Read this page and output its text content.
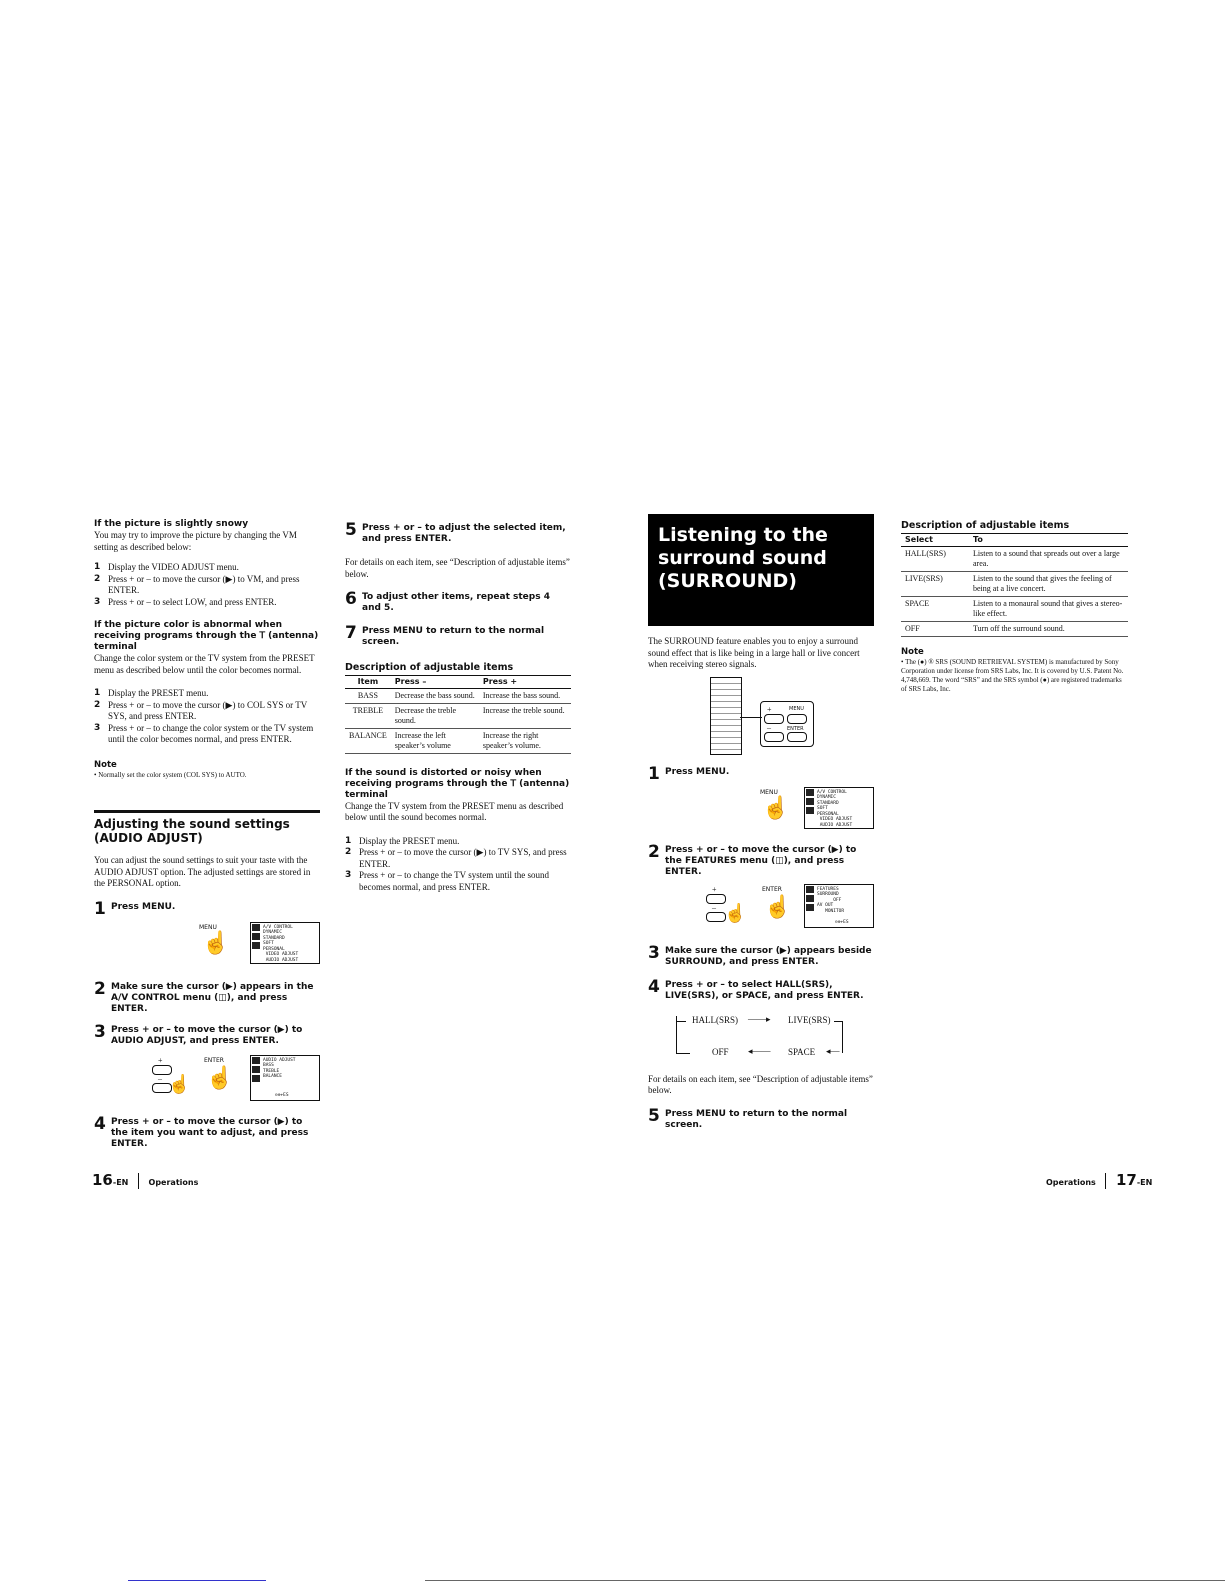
If the picture is slightly snowy

You may try to improve the picture by changing the VM setting as described below:

1 Display the VIDEO ADJUST menu.
2 Press + or – to move the cursor (▶) to VM, and press ENTER.
3 Press + or – to select LOW, and press ENTER.

If the picture color is abnormal when receiving programs through the 𝖳 (antenna) terminal

Change the color system or the TV system from the PRESET menu as described below until the color becomes normal.

1 Display the PRESET menu.
2 Press + or – to move the cursor (▶) to COL SYS or TV SYS, and press ENTER.
3 Press + or – to change the color system or the TV system until the color becomes normal, and press ENTER.
Note
• Normally set the color system (COL SYS) to AUTO.
Adjusting the sound settings
(AUDIO ADJUST)

You can adjust the sound settings to suit your taste with the AUDIO ADJUST option. The adjusted settings are stored in the PERSONAL option.

1 Press MENU.
MENU
☝
A/V CONTROL
DYNAMIC
STANDARD
SOFT
PERSONAL
VIDEO ADJUST
AUDIO ADJUST
2 Make sure the cursor (▶) appears in the A/V CONTROL menu (◫), and press ENTER.
3 Press + or – to move the cursor (▶) to AUDIO ADJUST, and press ENTER.
+
– ☝
ENTER
☝
AUDIO ADJUST
BASS
TREBLE
BALANCE
⊖⊕+ES
4 Press + or – to move the cursor (▶) to the item you want to adjust, and press ENTER.
5 Press + or – to adjust the selected item, and press ENTER.

For details on each item, see “Description of adjustable items” below.

6 To adjust other items, repeat steps 4 and 5.
7 Press MENU to return to the normal screen.
Description of adjustable items
Item	Press –	Press +
BASS	Decrease the bass sound.	Increase the bass sound.
TREBLE	Decrease the treble sound.	Increase the treble sound.
BALANCE	Increase the left speaker’s volume	Increase the right speaker’s volume.

If the sound is distorted or noisy when receiving programs through the 𝖳 (antenna) terminal

Change the TV system from the PRESET menu as described below until the sound becomes normal.

1 Display the PRESET menu.
2 Press + or – to move the cursor (▶) to TV SYS, and press ENTER.
3 Press + or – to change the TV system until the sound becomes normal, and press ENTER.
16-EN	Operations
Listening to the surround sound (SURROUND)

The SURROUND feature enables you to enjoy a surround sound effect that is like being in a large hall or live concert when receiving stereo signals.

+	MENU
–	ENTER
1 Press MENU.
MENU
☝
A/V CONTROL
DYNAMIC
STANDARD
SOFT
PERSONAL
VIDEO ADJUST
AUDIO ADJUST
2 Press + or – to move the cursor (▶) to the FEATURES menu (◫), and press ENTER.
+
– ☝
ENTER
☝
FEATURES
SURROUND
OFF
AV OUT
MONITOR
⊖⊕+ES
3 Make sure the cursor (▶) appears beside SURROUND, and press ENTER.
4 Press + or – to select HALL(SRS), LIVE(SRS), or SPACE, and press ENTER.
HALL(SRS) ——▸ LIVE(SRS)
OFF ◂—— SPACE ◂—

For details on each item, see “Description of adjustable items” below.

5 Press MENU to return to the normal screen.
Description of adjustable items
Select	To
HALL(SRS)	Listen to a sound that spreads out over a large area.
LIVE(SRS)	Listen to the sound that gives the feeling of being at a live concert.
SPACE	Listen to a monaural sound that gives a stereo-like effect.
OFF	Turn off the surround sound.
Note
• The (●) ® SRS (SOUND RETRIEVAL SYSTEM) is manufactured by Sony Corporation under license from SRS Labs, Inc. It is covered by U.S. Patent No. 4,748,669. The word “SRS” and the SRS symbol (●) are registered trademarks of SRS Labs, Inc.
Operations 17-EN
